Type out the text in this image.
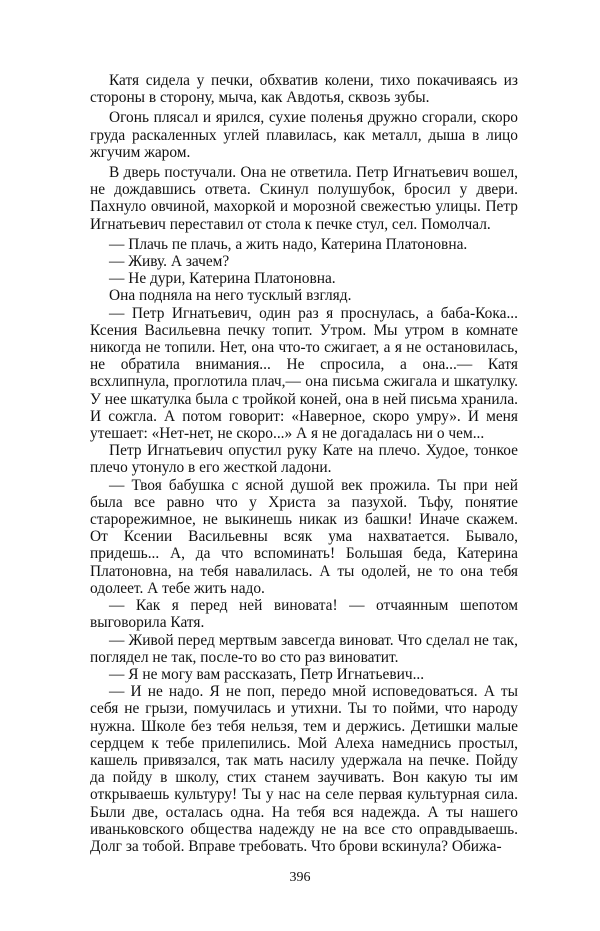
Катя сидела у печки, обхватив колени, тихо покачиваясь из стороны в сторону, мыча, как Авдотья, сквозь зубы.

Огонь плясал и ярился, сухие поленья дружно сгорали, скоро груда раскаленных углей плавилась, как металл, дыша в лицо жгучим жаром.

В дверь постучали. Она не ответила. Петр Игнатьевич вошел, не дождавшись ответа. Скинул полушубок, бросил у двери. Пахнуло овчиной, махоркой и морозной свежестью улицы. Петр Игнатьевич переставил от стола к печке стул, сел. Помолчал.

— Плачь пе плачь, а жить надо, Катерина Платоновна.

— Живу. А зачем?

— Не дури, Катерина Платоновна.

Она подняла на него тусклый взгляд.

— Петр Игнатьевич, один раз я проснулась, а баба-Кока... Ксения Васильевна печку топит. Утром. Мы утром в комнате никогда не топили. Нет, она что-то сжигает, а я не остановилась, не обратила внимания... Не спросила, а она...— Катя всхлипнула, проглотила плач,— она письма сжигала и шкатулку. У нее шкатулка была с тройкой коней, она в ней письма хранила. И сожгла. А потом говорит: «Наверное, скоро умру». И меня утешает: «Нет-нет, не скоро...» А я не догадалась ни о чем...

Петр Игнатьевич опустил руку Кате на плечо. Худое, тонкое плечо утонуло в его жесткой ладони.

— Твоя бабушка с ясной душой век прожила. Ты при ней была все равно что у Христа за пазухой. Тьфу, понятие старорежимное, не выкинешь никак из башки! Иначе скажем. От Ксении Васильевны всяк ума нахватается. Бывало, придешь... А, да что вспоминать! Большая беда, Катерина Платоновна, на тебя навалилась. А ты одолей, не то она тебя одолеет. А тебе жить надо.

— Как я перед ней виновата! — отчаянным шепотом выговорила Катя.

— Живой перед мертвым завсегда виноват. Что сделал не так, поглядел не так, после-то во сто раз виноватит.

— Я не могу вам рассказать, Петр Игнатьевич...

— И не надо. Я не поп, передо мной исповедоваться. А ты себя не грызи, помучилась и утихни. Ты то пойми, что народу нужна. Школе без тебя нельзя, тем и держись. Детишки малые сердцем к тебе прилепились. Мой Алеха намеднись простыл, кашель привязался, так мать насилу удержала на печке. Пойду да пойду в школу, стих станем заучивать. Вон какую ты им открываешь культуру! Ты у нас на селе первая культурная сила. Были две, осталась одна. На тебя вся надежда. А ты нашего иваньковского общества надежду не на все сто оправдываешь. Долг за тобой. Вправе требовать. Что брови вскинула? Обижа-

396
